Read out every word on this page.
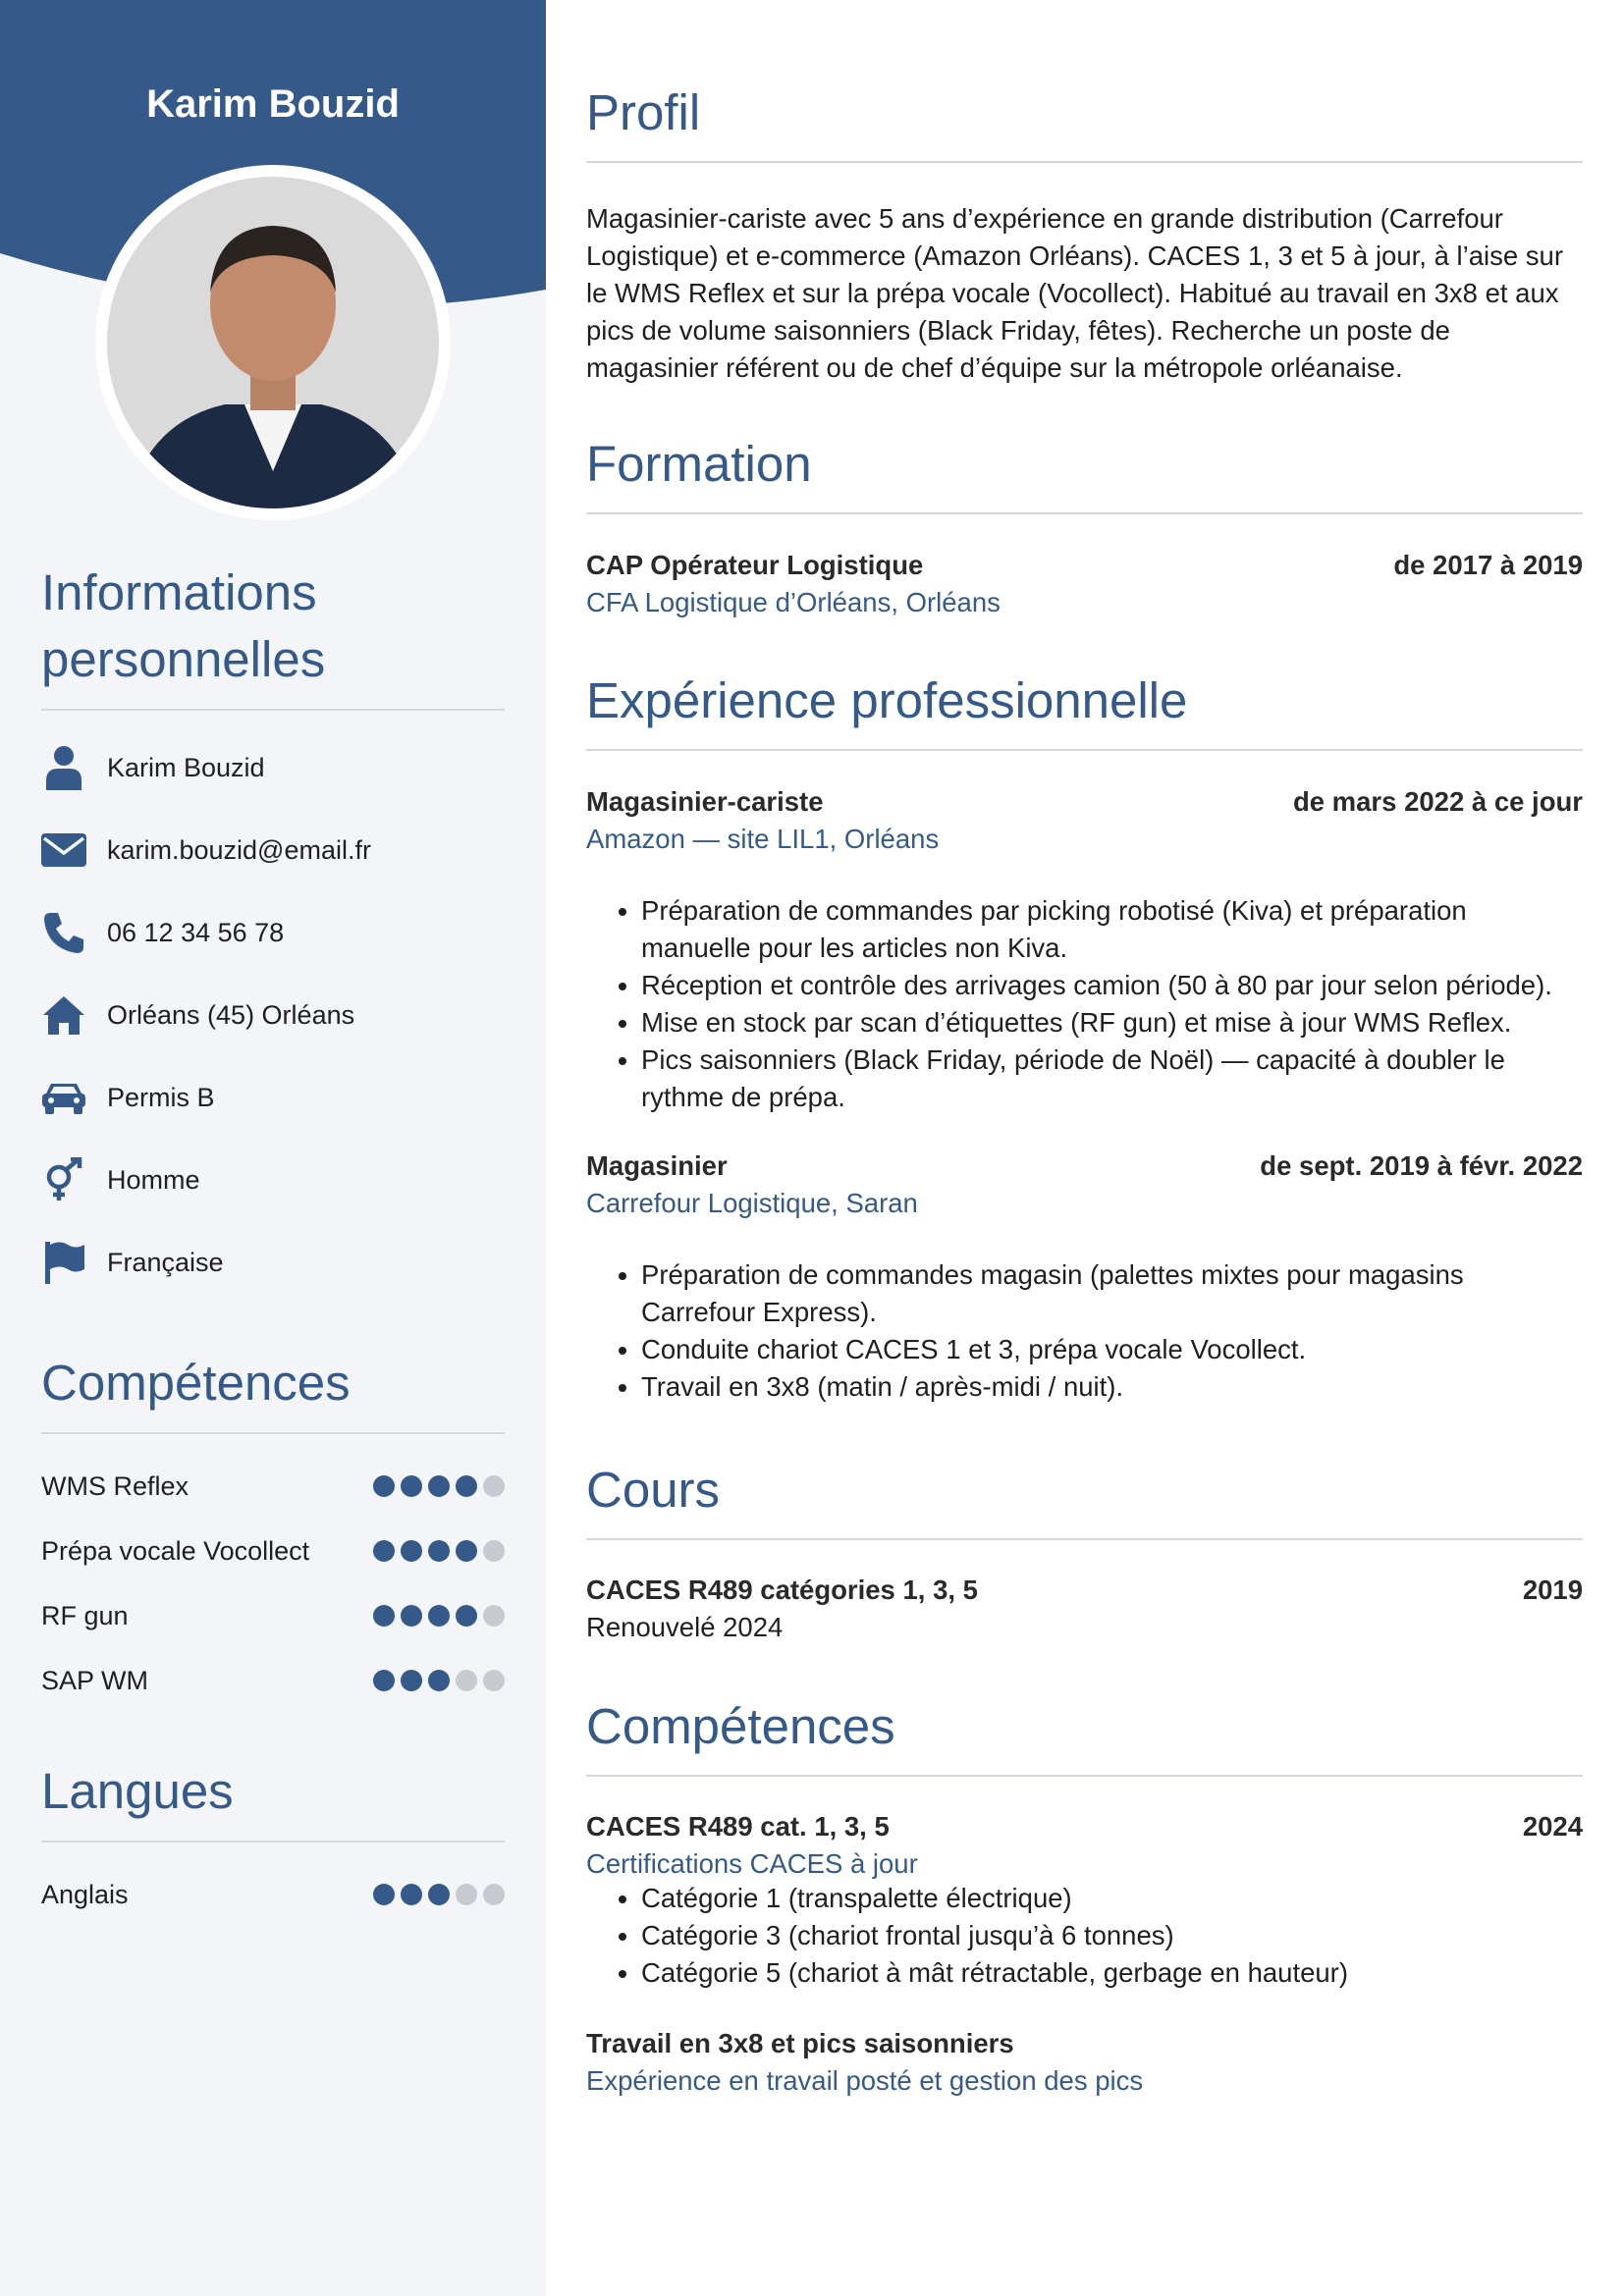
Karim Bouzid
Informations
personnelles
Karim Bouzid
karim.bouzid@email.fr
06 12 34 56 78
Orléans (45) Orléans
Permis B
Homme
Française
Compétences
WMS Reflex
Prépa vocale Vocollect
RF gun
SAP WM
Langues
Anglais
Profil

Magasinier-cariste avec 5 ans d’expérience en grande distribution (Carrefour Logistique) et e-commerce (Amazon Orléans). CACES 1, 3 et 5 à jour, à l’aise sur le WMS Reflex et sur la prépa vocale (Vocollect). Habitué au travail en 3x8 et aux pics de volume saisonniers (Black Friday, fêtes). Recherche un poste de magasinier référent ou de chef d’équipe sur la métropole orléanaise.

Formation
CAP Opérateur Logistique	de 2017 à 2019
CFA Logistique d’Orléans, Orléans
Expérience professionnelle
Magasinier-cariste	de mars 2022 à ce jour
Amazon — site LIL1, Orléans
• Préparation de commandes par picking robotisé (Kiva) et préparation manuelle pour les articles non Kiva.
• Réception et contrôle des arrivages camion (50 à 80 par jour selon période).
• Mise en stock par scan d’étiquettes (RF gun) et mise à jour WMS Reflex.
• Pics saisonniers (Black Friday, période de Noël) — capacité à doubler le rythme de prépa.
Magasinier	de sept. 2019 à févr. 2022
Carrefour Logistique, Saran
• Préparation de commandes magasin (palettes mixtes pour magasins Carrefour Express).
• Conduite chariot CACES 1 et 3, prépa vocale Vocollect.
• Travail en 3x8 (matin / après-midi / nuit).
Cours
CACES R489 catégories 1, 3, 5	2019
Renouvelé 2024
Compétences
CACES R489 cat. 1, 3, 5	2024
Certifications CACES à jour
• Catégorie 1 (transpalette électrique)
• Catégorie 3 (chariot frontal jusqu’à 6 tonnes)
• Catégorie 5 (chariot à mât rétractable, gerbage en hauteur)
Travail en 3x8 et pics saisonniers
Expérience en travail posté et gestion des pics
